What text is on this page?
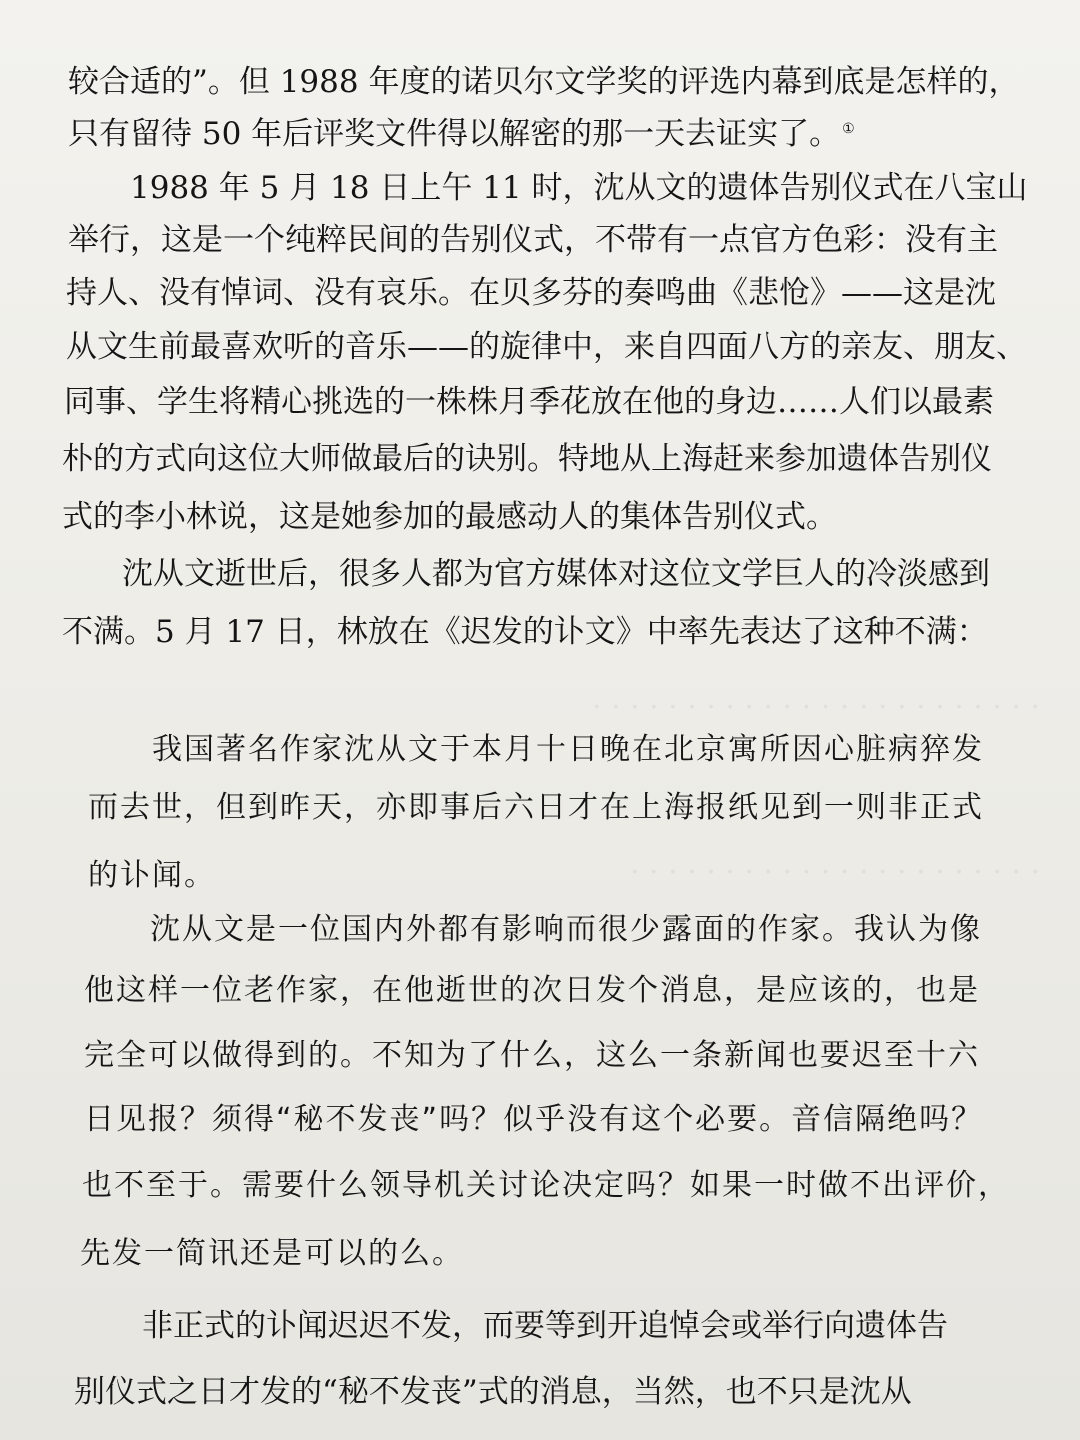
· · · · · · · · · · · · · · · · · · · · · · · ·
· · · · · · · · · · · · · · · · · · · · · ·
较合适的”。但 1988 年度的诺贝尔文学奖的评选内幕到底是怎样的，
只有留待 50 年后评奖文件得以解密的那一天去证实了。 ①
1988 年 5 月 18 日上午 11 时，沈从文的遗体告别仪式在八宝山
举行，这是一个纯粹民间的告别仪式，不带有一点官方色彩：没有主
持人、没有悼词、没有哀乐。在贝多芬的奏鸣曲《悲怆》——这是沈
从文生前最喜欢听的音乐——的旋律中，来自四面八方的亲友、朋友、
同事、学生将精心挑选的一株株月季花放在他的身边……人们以最素
朴的方式向这位大师做最后的诀别。特地从上海赶来参加遗体告别仪
式的李小林说，这是她参加的最感动人的集体告别仪式。
沈从文逝世后，很多人都为官方媒体对这位文学巨人的冷淡感到
不满。5 月 17 日，林放在《迟发的讣文》中率先表达了这种不满：
我国著名作家沈从文于本月十日晚在北京寓所因心脏病猝发
而去世，但到昨天，亦即事后六日才在上海报纸见到一则非正式
的讣闻。
沈从文是一位国内外都有影响而很少露面的作家。我认为像
他这样一位老作家，在他逝世的次日发个消息，是应该的，也是
完全可以做得到的。不知为了什么，这么一条新闻也要迟至十六
日见报？须得“秘不发丧”吗？似乎没有这个必要。音信隔绝吗？
也不至于。需要什么领导机关讨论决定吗？如果一时做不出评价，
先发一简讯还是可以的么。
非正式的讣闻迟迟不发，而要等到开追悼会或举行向遗体告
别仪式之日才发的“秘不发丧”式的消息，当然，也不只是沈从
